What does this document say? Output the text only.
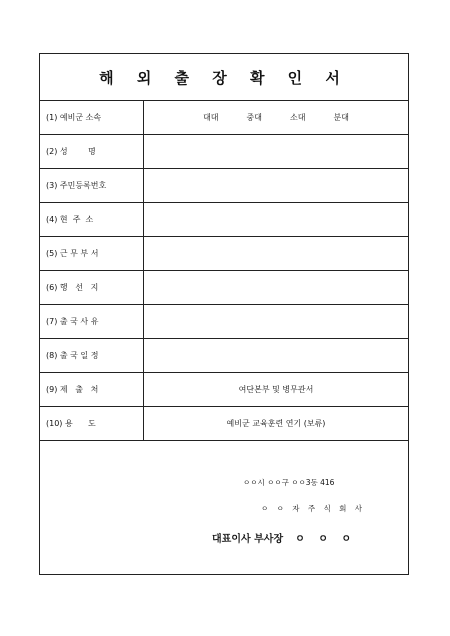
해 외 출 장 확 인 서
(1) 예비군 소속	대대	중대	소대	분대
(2) 성        명
(3) 주민등록번호
(4) 현  주  소
(5) 근 무 부 서
(6) 행   선   지
(7) 출 국 사 유
(8) 출 국 일 정
(9) 제   출   처	여단본부 및 병무관서
(10) 용      도	예비군 교육훈련 연기 (보류)
ㅇㅇ시 ㅇㅇ구 ㅇㅇ3동 416
ㅇ ㅇ 자 주 식 회 사
대표이사 부사장 ㅇ ㅇ ㅇ
